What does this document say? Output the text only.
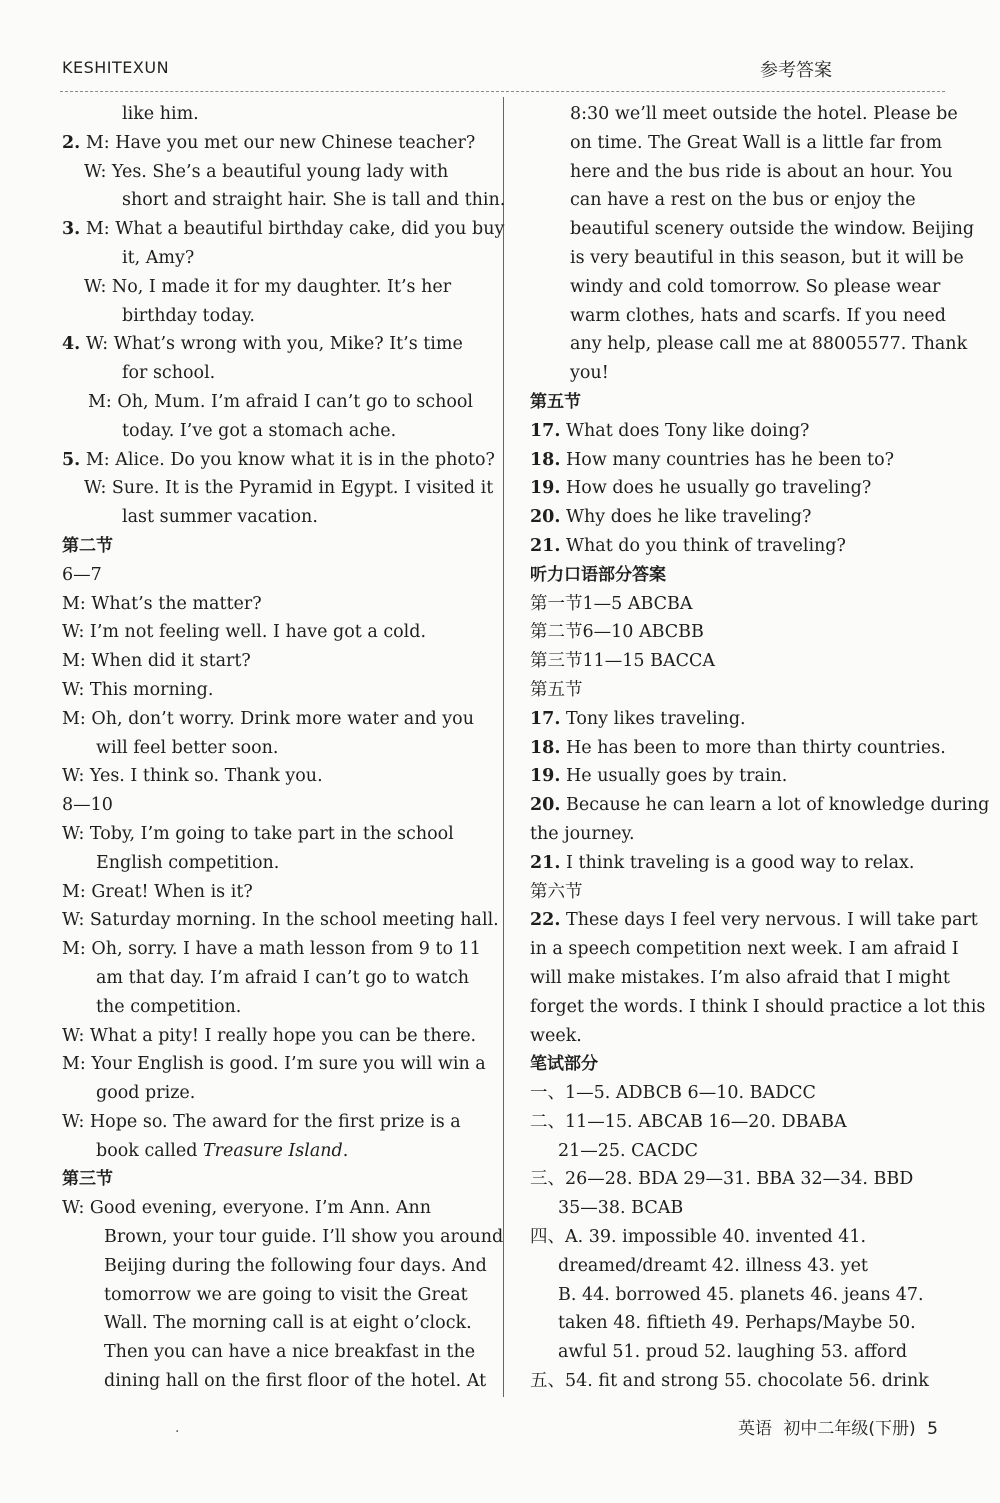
KESHITEXUN	参考答案
like him.
2. M: Have you met our new Chinese teacher?
W: Yes. She’s a beautiful young lady with
short and straight hair. She is tall and thin.
3. M: What a beautiful birthday cake, did you buy
it, Amy?
W: No, I made it for my daughter. It’s her
birthday today.
4. W: What’s wrong with you, Mike? It’s time
for school.
M: Oh, Mum. I’m afraid I can’t go to school
today. I’ve got a stomach ache.
5. M: Alice. Do you know what it is in the photo?
W: Sure. It is the Pyramid in Egypt. I visited it
last summer vacation.
第二节
6—7
M: What’s the matter?
W: I’m not feeling well. I have got a cold.
M: When did it start?
W: This morning.
M: Oh, don’t worry. Drink more water and you
will feel better soon.
W: Yes. I think so. Thank you.
8—10
W: Toby, I’m going to take part in the school
English competition.
M: Great! When is it?
W: Saturday morning. In the school meeting hall.
M: Oh, sorry. I have a math lesson from 9 to 11
am that day. I’m afraid I can’t go to watch
the competition.
W: What a pity! I really hope you can be there.
M: Your English is good. I’m sure you will win a
good prize.
W: Hope so. The award for the first prize is a
book called Treasure Island.
第三节
W: Good evening, everyone. I’m Ann. Ann
Brown, your tour guide. I’ll show you around
Beijing during the following four days. And
tomorrow we are going to visit the Great
Wall. The morning call is at eight o’clock.
Then you can have a nice breakfast in the
dining hall on the first floor of the hotel. At
8:30 we’ll meet outside the hotel. Please be
on time. The Great Wall is a little far from
here and the bus ride is about an hour. You
can have a rest on the bus or enjoy the
beautiful scenery outside the window. Beijing
is very beautiful in this season, but it will be
windy and cold tomorrow. So please wear
warm clothes, hats and scarfs. If you need
any help, please call me at 88005577. Thank
you!
第五节
17. What does Tony like doing?
18. How many countries has he been to?
19. How does he usually go traveling?
20. Why does he like traveling?
21. What do you think of traveling?
听力口语部分答案
第一节1—5 ABCBA
第二节6—10 ABCBB
第三节11—15 BACCA
第五节
17. Tony likes traveling.
18. He has been to more than thirty countries.
19. He usually goes by train.
20. Because he can learn a lot of knowledge during
the journey.
21. I think traveling is a good way to relax.
第六节
22. These days I feel very nervous. I will take part
in a speech competition next week. I am afraid I
will make mistakes. I’m also afraid that I might
forget the words. I think I should practice a lot this
week.
笔试部分
一、1—5. ADBCB 6—10. BADCC
二、11—15. ABCAB 16—20. DBABA
21—25. CACDC
三、26—28. BDA 29—31. BBA 32—34. BBD
35—38. BCAB
四、A. 39. impossible 40. invented 41.
dreamed/dreamt 42. illness 43. yet
B. 44. borrowed 45. planets 46. jeans 47.
taken 48. fiftieth 49. Perhaps/Maybe 50.
awful 51. proud 52. laughing 53. afford
五、54. fit and strong 55. chocolate 56. drink
.	英语 初中二年级(下册) 5
